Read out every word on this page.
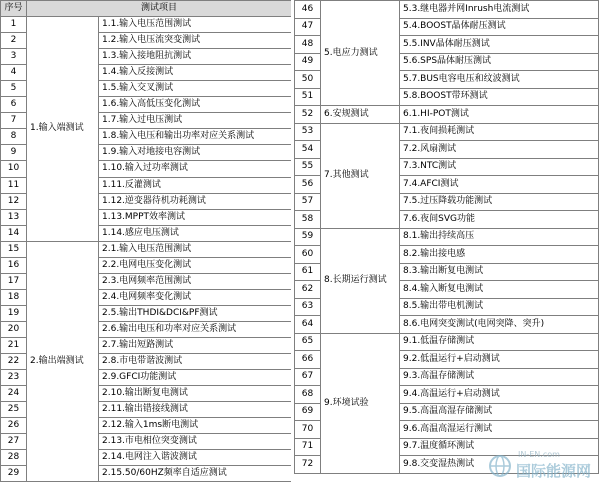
序号	测试项目	
1	1.输入端测试	1.1.输入电压范围测试
2		1.2.输入电压流突变测试
3		1.3.输入接地阻抗测试
4		1.4.输入反接测试
5		1.5.输入交叉测试
6		1.6.输入高低压变化测试
7		1.7.输入过电压测试
8		1.8.输入电压和输出功率对应关系测试
9		1.9.输入对地接电容测试
10		1.10.输入过功率测试
11		1.11.反灌测试
12		1.12.逆变器待机功耗测试
13		1.13.MPPT效率测试
14		1.14.感应电压测试
15	2.输出端测试	2.1.输入电压范围测试
16		2.2.电网电压变化测试
17		2.3.电网频率范围测试
18		2.4.电网频率变化测试
19		2.5.输出THDI&DCI&PF测试
20		2.6.输出电压和功率对应关系测试
21		2.7.输出短路测试
22		2.8.市电带谐波测试
23		2.9.GFCI功能测试
24		2.10.输出断复电测试
25		2.11.输出错接线测试
26		2.12.输入1ms断电测试
27		2.13.市电相位突变测试
28		2.14.电网注入谐波测试
29		2.15.50/60HZ频率自适应测试
46	5.电应力测试	5.3.继电器并网Inrush电流测试
47		5.4.BOOST晶体耐压测试
48		5.5.INV晶体耐压测试
49		5.6.SPS晶体耐压测试
50		5.7.BUS电容电压和纹波测试
51		5.8.BOOST带环测试
52	6.安规测试	6.1.HI-POT测试
53	7.其他测试	7.1.夜间损耗测试
54		7.2.风扇测试
55		7.3.NTC测试
56		7.4.AFCI测试
57		7.5.过压降载功能测试
58		7.6.夜间SVG功能
59	8.长期运行测试	8.1.输出持续高压
60		8.2.输出接电感
61		8.3.输出断复电测试
62		8.4.输入断复电测试
63		8.5.输出带电机测试
64		8.6.电网突变测试(电网突降、突升)
65	9.环境试验	9.1.低温存储测试
66		9.2.低温运行+启动测试
67		9.3.高温存储测试
68		9.4.高温运行+启动测试
69		9.5.高温高湿存储测试
70		9.6.高温高湿运行测试
71		9.7.温度循环测试
72		9.8.交变湿热测试
IN-EN.com
国际能源网
